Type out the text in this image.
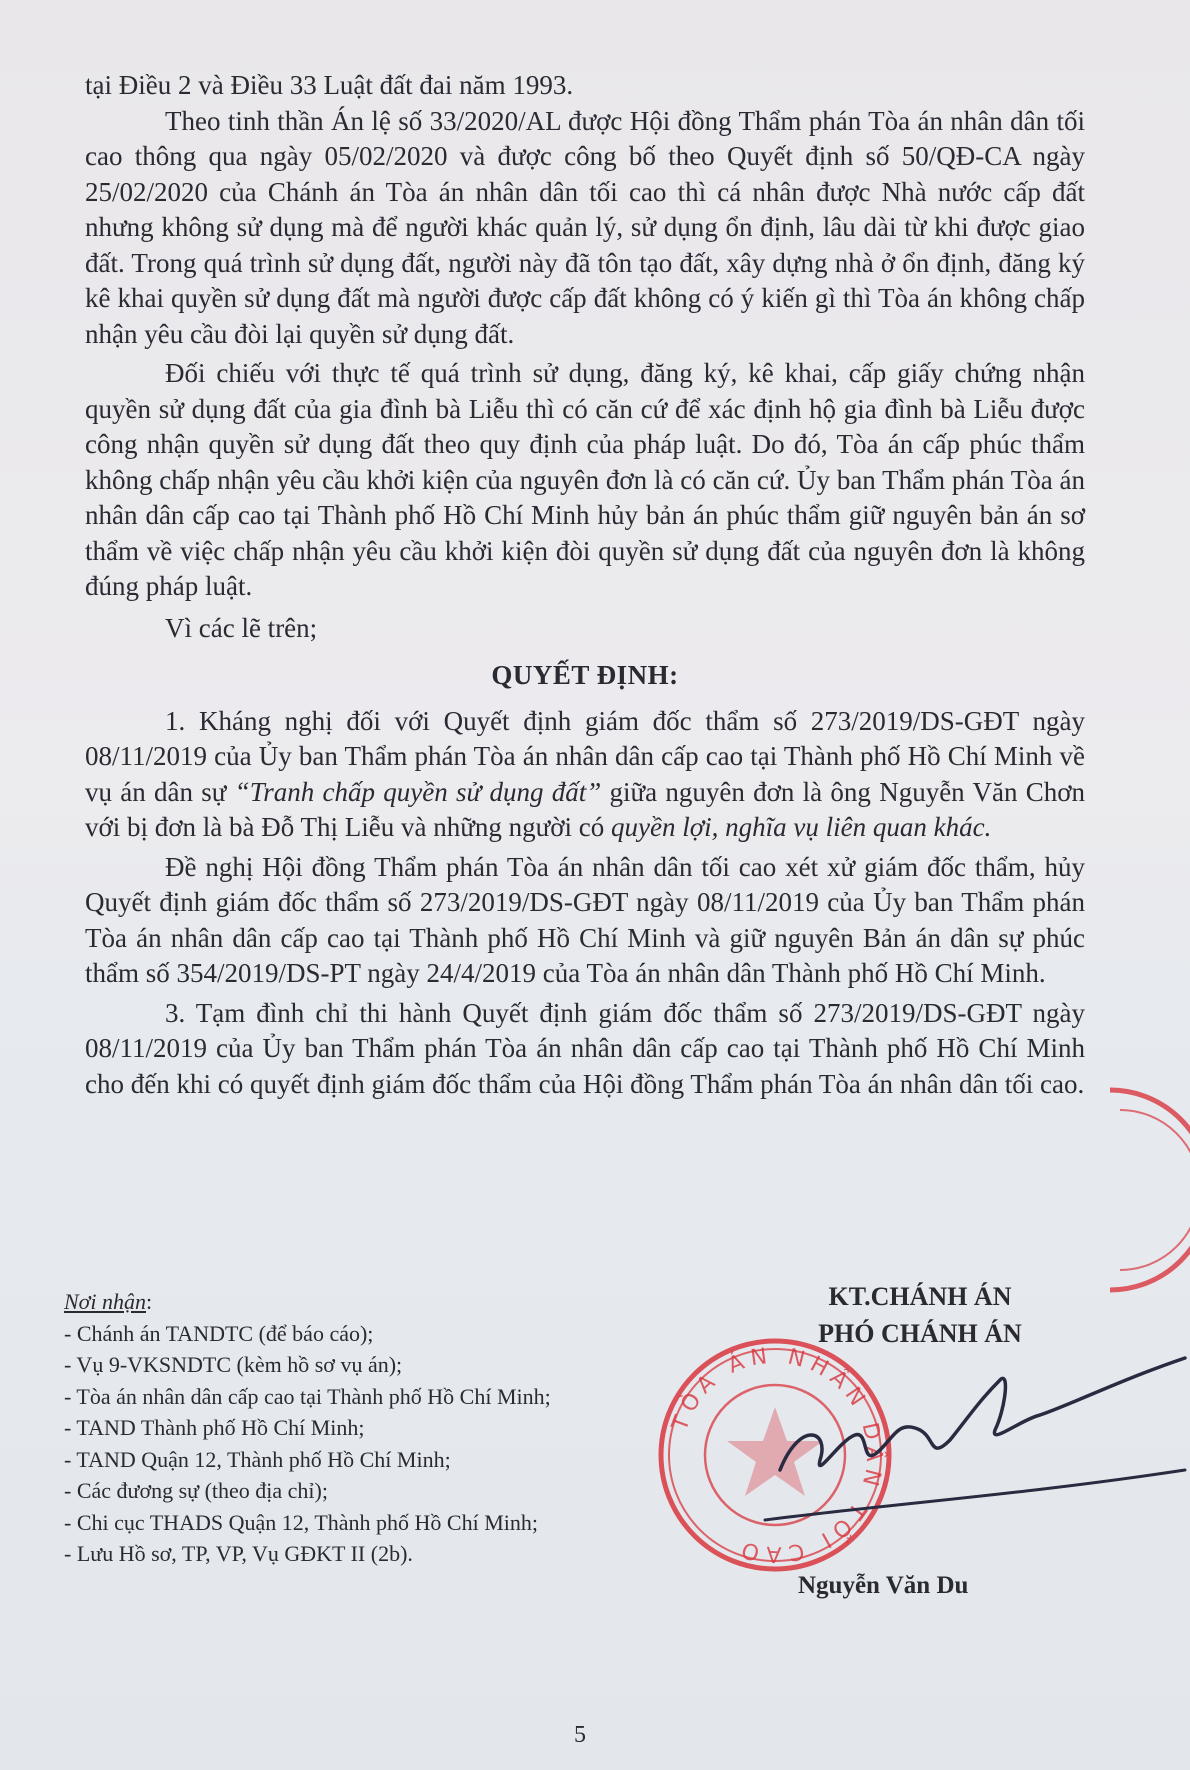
tại Điều 2 và Điều 33 Luật đất đai năm 1993.

Theo tinh thần Án lệ số 33/2020/AL được Hội đồng Thẩm phán Tòa án nhân dân tối cao thông qua ngày 05/02/2020 và được công bố theo Quyết định số 50/QĐ-CA ngày 25/02/2020 của Chánh án Tòa án nhân dân tối cao thì cá nhân được Nhà nước cấp đất nhưng không sử dụng mà để người khác quản lý, sử dụng ổn định, lâu dài từ khi được giao đất. Trong quá trình sử dụng đất, người này đã tôn tạo đất, xây dựng nhà ở ổn định, đăng ký kê khai quyền sử dụng đất mà người được cấp đất không có ý kiến gì thì Tòa án không chấp nhận yêu cầu đòi lại quyền sử dụng đất.

Đối chiếu với thực tế quá trình sử dụng, đăng ký, kê khai, cấp giấy chứng nhận quyền sử dụng đất của gia đình bà Liễu thì có căn cứ để xác định hộ gia đình bà Liễu được công nhận quyền sử dụng đất theo quy định của pháp luật. Do đó, Tòa án cấp phúc thẩm không chấp nhận yêu cầu khởi kiện của nguyên đơn là có căn cứ. Ủy ban Thẩm phán Tòa án nhân dân cấp cao tại Thành phố Hồ Chí Minh hủy bản án phúc thẩm giữ nguyên bản án sơ thẩm về việc chấp nhận yêu cầu khởi kiện đòi quyền sử dụng đất của nguyên đơn là không đúng pháp luật.

Vì các lẽ trên;

QUYẾT ĐỊNH:

1. Kháng nghị đối với Quyết định giám đốc thẩm số 273/2019/DS-GĐT ngày 08/11/2019 của Ủy ban Thẩm phán Tòa án nhân dân cấp cao tại Thành phố Hồ Chí Minh về vụ án dân sự “Tranh chấp quyền sử dụng đất” giữa nguyên đơn là ông Nguyễn Văn Chơn với bị đơn là bà Đỗ Thị Liễu và những người có quyền lợi, nghĩa vụ liên quan khác.

Đề nghị Hội đồng Thẩm phán Tòa án nhân dân tối cao xét xử giám đốc thẩm, hủy Quyết định giám đốc thẩm số 273/2019/DS-GĐT ngày 08/11/2019 của Ủy ban Thẩm phán Tòa án nhân dân cấp cao tại Thành phố Hồ Chí Minh và giữ nguyên Bản án dân sự phúc thẩm số 354/2019/DS-PT ngày 24/4/2019 của Tòa án nhân dân Thành phố Hồ Chí Minh.

3. Tạm đình chỉ thi hành Quyết định giám đốc thẩm số 273/2019/DS-GĐT ngày 08/11/2019 của Ủy ban Thẩm phán Tòa án nhân dân cấp cao tại Thành phố Hồ Chí Minh cho đến khi có quyết định giám đốc thẩm của Hội đồng Thẩm phán Tòa án nhân dân tối cao.

Nơi nhận:
- Chánh án TANDTC (để báo cáo);
- Vụ 9-VKSNDTC (kèm hồ sơ vụ án);
- Tòa án nhân dân cấp cao tại Thành phố Hồ Chí Minh;
- TAND Thành phố Hồ Chí Minh;
- TAND Quận 12, Thành phố Hồ Chí Minh;
- Các đương sự (theo địa chỉ);
- Chi cục THADS Quận 12, Thành phố Hồ Chí Minh;
- Lưu Hồ sơ, TP, VP, Vụ GĐKT II (2b).
KT.CHÁNH ÁN
PHÓ CHÁNH ÁN
TÒA ÁN NHÂN DÂN TỐI CAO
Nguyễn Văn Du
5
